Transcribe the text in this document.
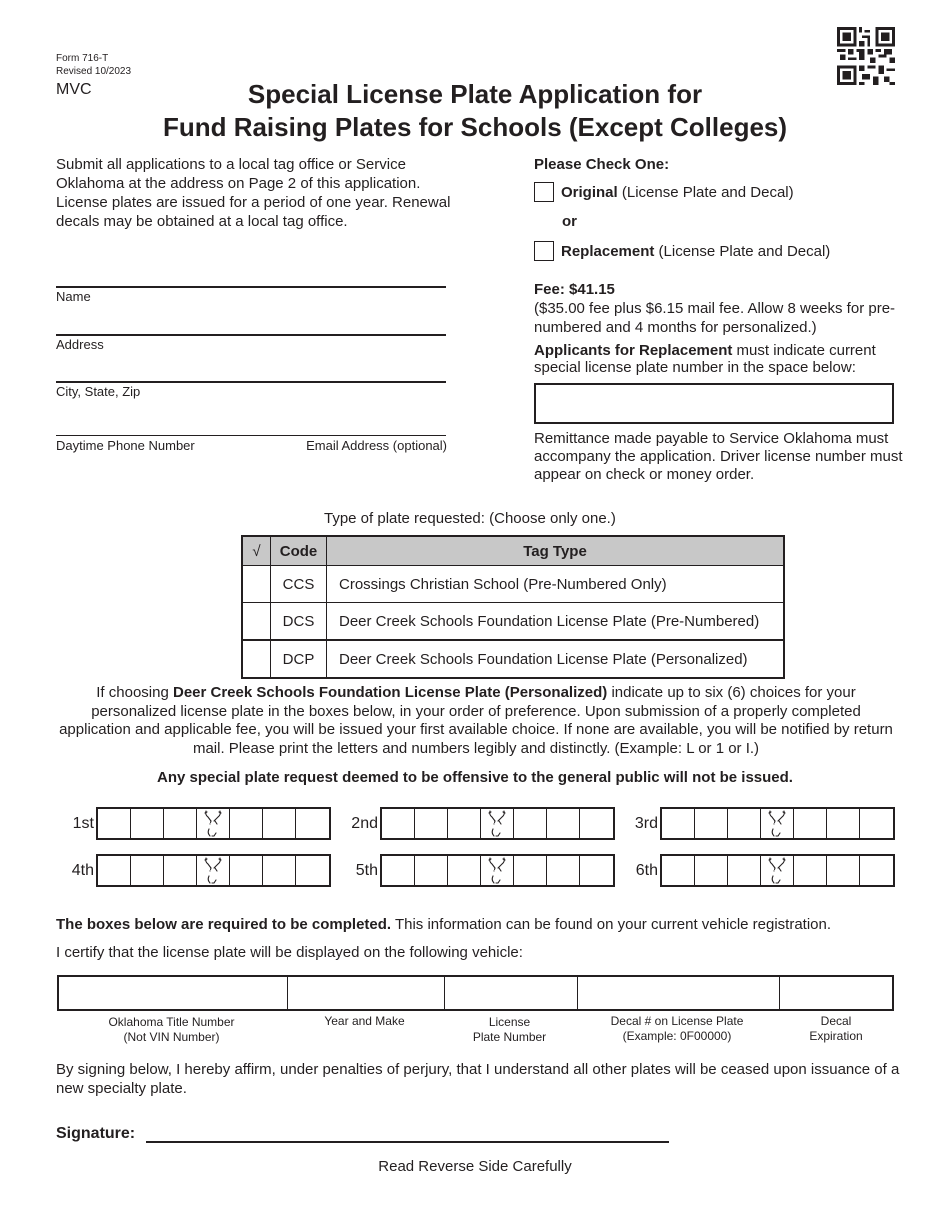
Form 716-T
Revised 10/2023
MVC	Special License Plate Application for
Fund Raising Plates for Schools (Except Colleges)
Submit all applications to a local tag office or Service Oklahoma at the address on Page 2 of this application. License plates are issued for a period of one year. Renewal decals may be obtained at a local tag office.
Name
Address
City, State, Zip
Daytime Phone Number	Email Address (optional)
Please Check One:
Original (License Plate and Decal)
or
Replacement (License Plate and Decal)
Fee: $41.15
($35.00 fee plus $6.15 mail fee. Allow 8 weeks for pre-numbered and 4 months for personalized.)
Applicants for Replacement must indicate current special license plate number in the space below:
Remittance made payable to Service Oklahoma must accompany the application. Driver license number must appear on check or money order.
Type of plate requested: (Choose only one.)
√	Code	Tag Type
	CCS	Crossings Christian School (Pre-Numbered Only)
	DCS	Deer Creek Schools Foundation License Plate (Pre-Numbered)
	DCP	Deer Creek Schools Foundation License Plate (Personalized)
If choosing Deer Creek Schools Foundation License Plate (Personalized) indicate up to six (6) choices for your personalized license plate in the boxes below, in your order of preference. Upon submission of a properly completed application and applicable fee, you will be issued your first available choice. If none are available, you will be notified by return mail. Please print the letters and numbers legibly and distinctly. (Example: L or 1 or I.)
Any special plate request deemed to be offensive to the general public will not be issued.
1st	2nd	3rd
4th	5th	6th
The boxes below are required to be completed. This information can be found on your current vehicle registration.
I certify that the license plate will be displayed on the following vehicle:
Oklahoma Title Number
(Not VIN Number)
Year and Make	License
Plate Number
Decal # on License Plate
(Example: 0F00000)
Decal
Expiration
By signing below, I hereby affirm, under penalties of perjury, that I understand all other plates will be ceased upon issuance of a new specialty plate.
Signature:
Read Reverse Side Carefully
